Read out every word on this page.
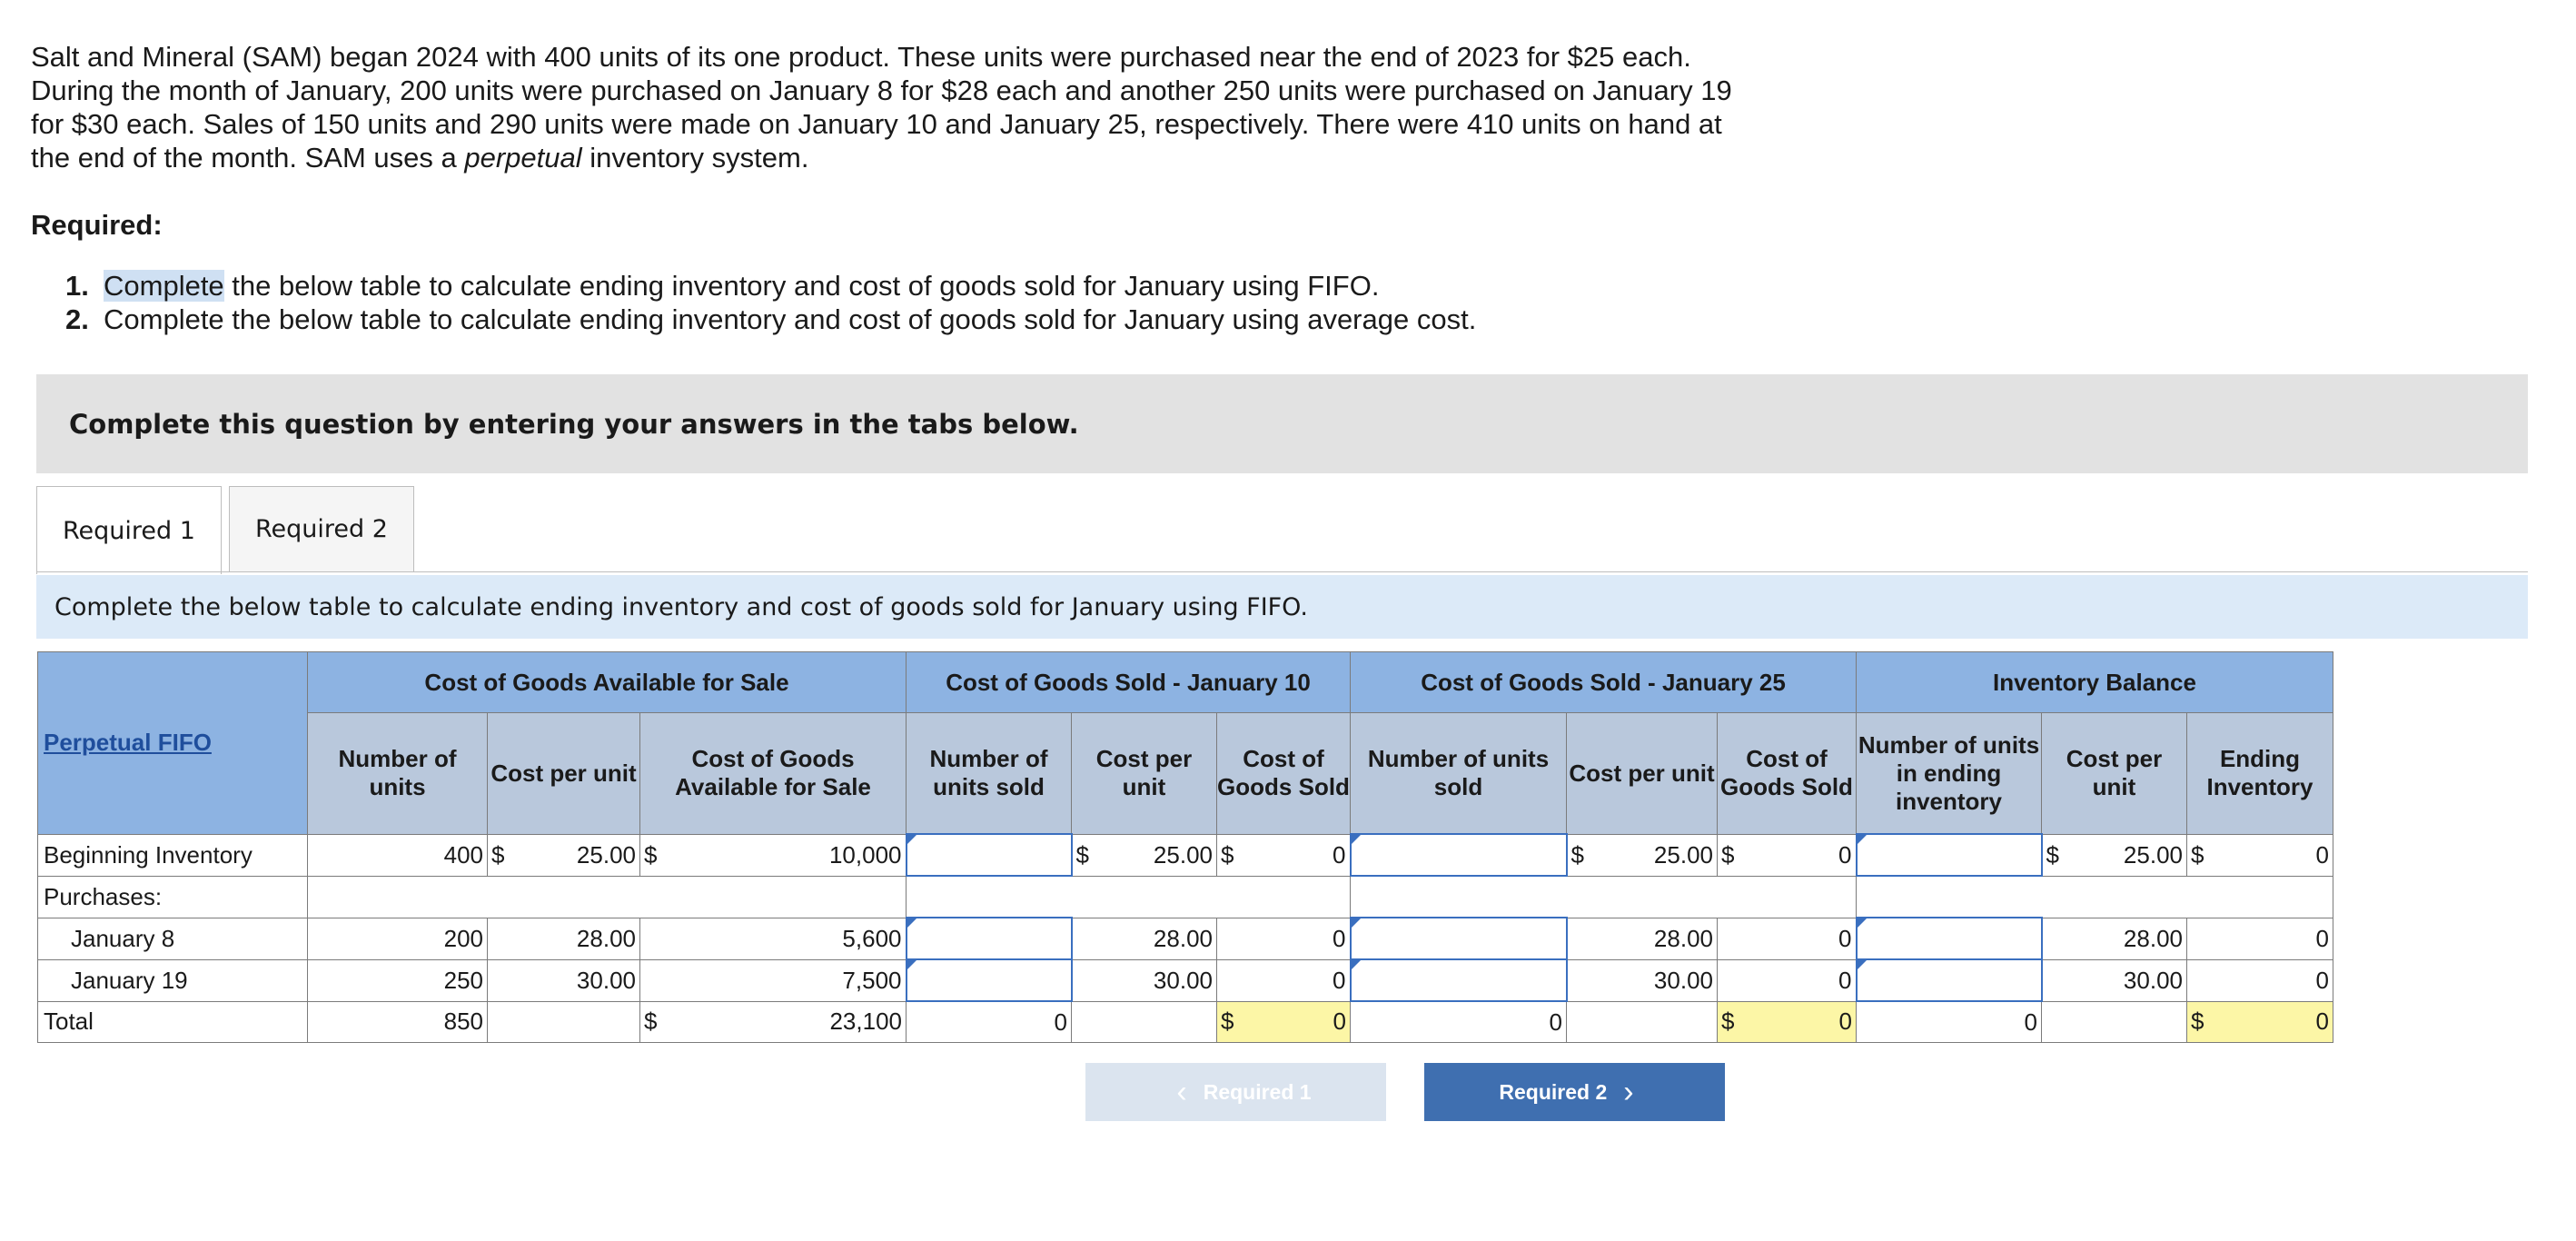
Salt and Mineral (SAM) began 2024 with 400 units of its one product. These units were purchased near the end of 2023 for $25 each. During the month of January, 200 units were purchased on January 8 for $28 each and another 250 units were purchased on January 19 for $30 each. Sales of 150 units and 290 units were made on January 10 and January 25, respectively. There were 410 units on hand at the end of the month. SAM uses a perpetual inventory system.
Required:
1. Complete the below table to calculate ending inventory and cost of goods sold for January using FIFO.
2. Complete the below table to calculate ending inventory and cost of goods sold for January using average cost.
Complete this question by entering your answers in the tabs below.
Required 1	Required 2
Complete the below table to calculate ending inventory and cost of goods sold for January using FIFO.
Perpetual FIFO	Cost of Goods Available for Sale			Cost of Goods Sold - January 10			Cost of Goods Sold - January 25			Inventory Balance		
	Number of units	Cost per unit	Cost of Goods Available for Sale	Number of units sold	Cost per unit	Cost of Goods Sold	Number of units sold	Cost per unit	Cost of Goods Sold	Number of units in ending inventory	Cost per unit	Ending Inventory
Beginning Inventory	400	$ 25.00	$ 10,000		$ 25.00	$ 0		$ 25.00	$ 0		$ 25.00	$ 0

Purchases:												
January 8	200	28.00	5,600		28.00	0		28.00	0		28.00	0

January 19	250	30.00	7,500		30.00	0		30.00	0		30.00	0

Total	850		$ 23,100	0		$ 0	0		$ 0	0		$ 0
‹ Required 1	Required 2 ›
